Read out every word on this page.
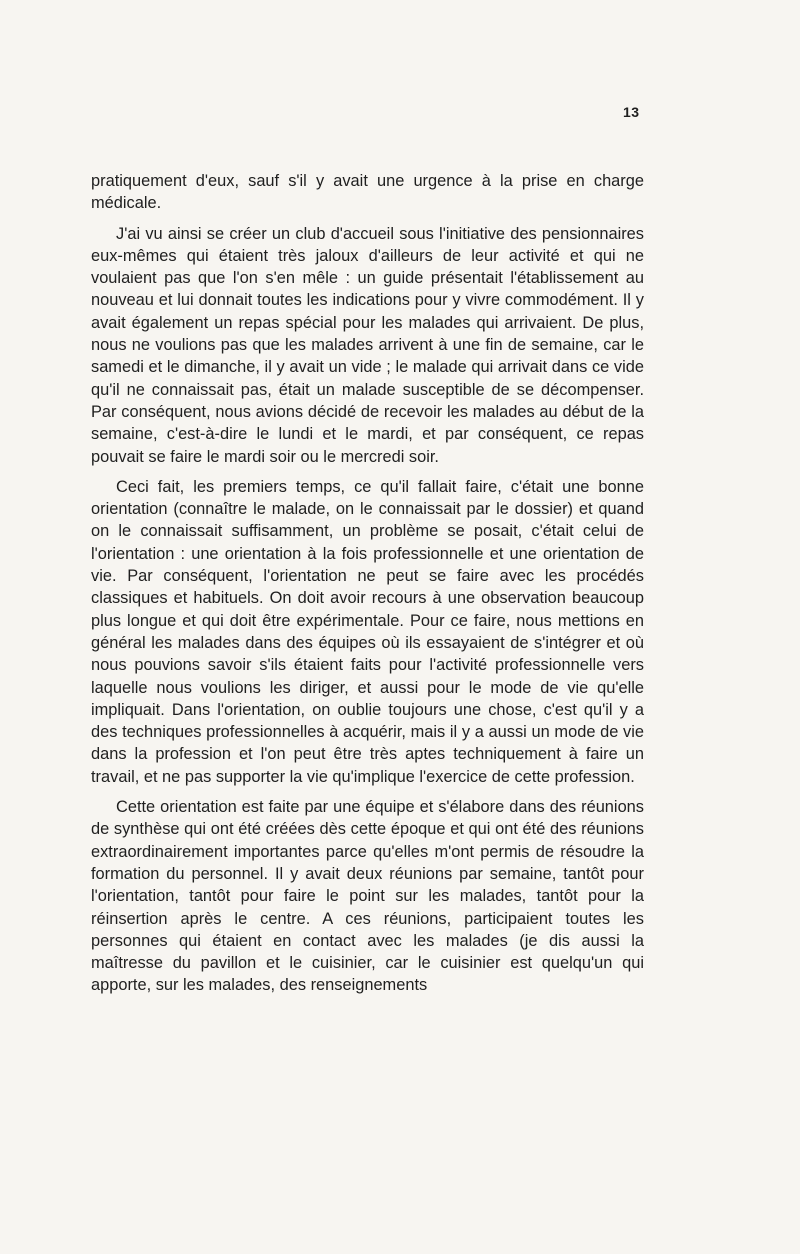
13

pratiquement d'eux, sauf s'il y avait une urgence à la prise en charge médicale.

J'ai vu ainsi se créer un club d'accueil sous l'initiative des pensionnaires eux-mêmes qui étaient très jaloux d'ailleurs de leur activité et qui ne voulaient pas que l'on s'en mêle : un guide présentait l'établissement au nouveau et lui donnait toutes les indications pour y vivre commodément. Il y avait également un repas spécial pour les malades qui arrivaient. De plus, nous ne voulions pas que les malades arrivent à une fin de semaine, car le samedi et le dimanche, il y avait un vide ; le malade qui arrivait dans ce vide qu'il ne connaissait pas, était un malade susceptible de se décompenser. Par conséquent, nous avions décidé de recevoir les malades au début de la semaine, c'est-à-dire le lundi et le mardi, et par conséquent, ce repas pouvait se faire le mardi soir ou le mercredi soir.

Ceci fait, les premiers temps, ce qu'il fallait faire, c'était une bonne orientation (connaître le malade, on le connaissait par le dossier) et quand on le connaissait suffisamment, un problème se posait, c'était celui de l'orientation : une orientation à la fois professionnelle et une orientation de vie. Par conséquent, l'orientation ne peut se faire avec les procédés classiques et habituels. On doit avoir recours à une observation beaucoup plus longue et qui doit être expérimentale. Pour ce faire, nous mettions en général les malades dans des équipes où ils essayaient de s'intégrer et où nous pouvions savoir s'ils étaient faits pour l'activité professionnelle vers laquelle nous voulions les diriger, et aussi pour le mode de vie qu'elle impliquait. Dans l'orientation, on oublie toujours une chose, c'est qu'il y a des techniques professionnelles à acquérir, mais il y a aussi un mode de vie dans la profession et l'on peut être très aptes techniquement à faire un travail, et ne pas supporter la vie qu'implique l'exercice de cette profession.

Cette orientation est faite par une équipe et s'élabore dans des réunions de synthèse qui ont été créées dès cette époque et qui ont été des réunions extraordinairement importantes parce qu'elles m'ont permis de résoudre la formation du personnel. Il y avait deux réunions par semaine, tantôt pour l'orientation, tantôt pour faire le point sur les malades, tantôt pour la réinsertion après le centre. A ces réunions, participaient toutes les personnes qui étaient en contact avec les malades (je dis aussi la maîtresse du pavillon et le cuisinier, car le cuisinier est quelqu'un qui apporte, sur les malades, des renseignements
